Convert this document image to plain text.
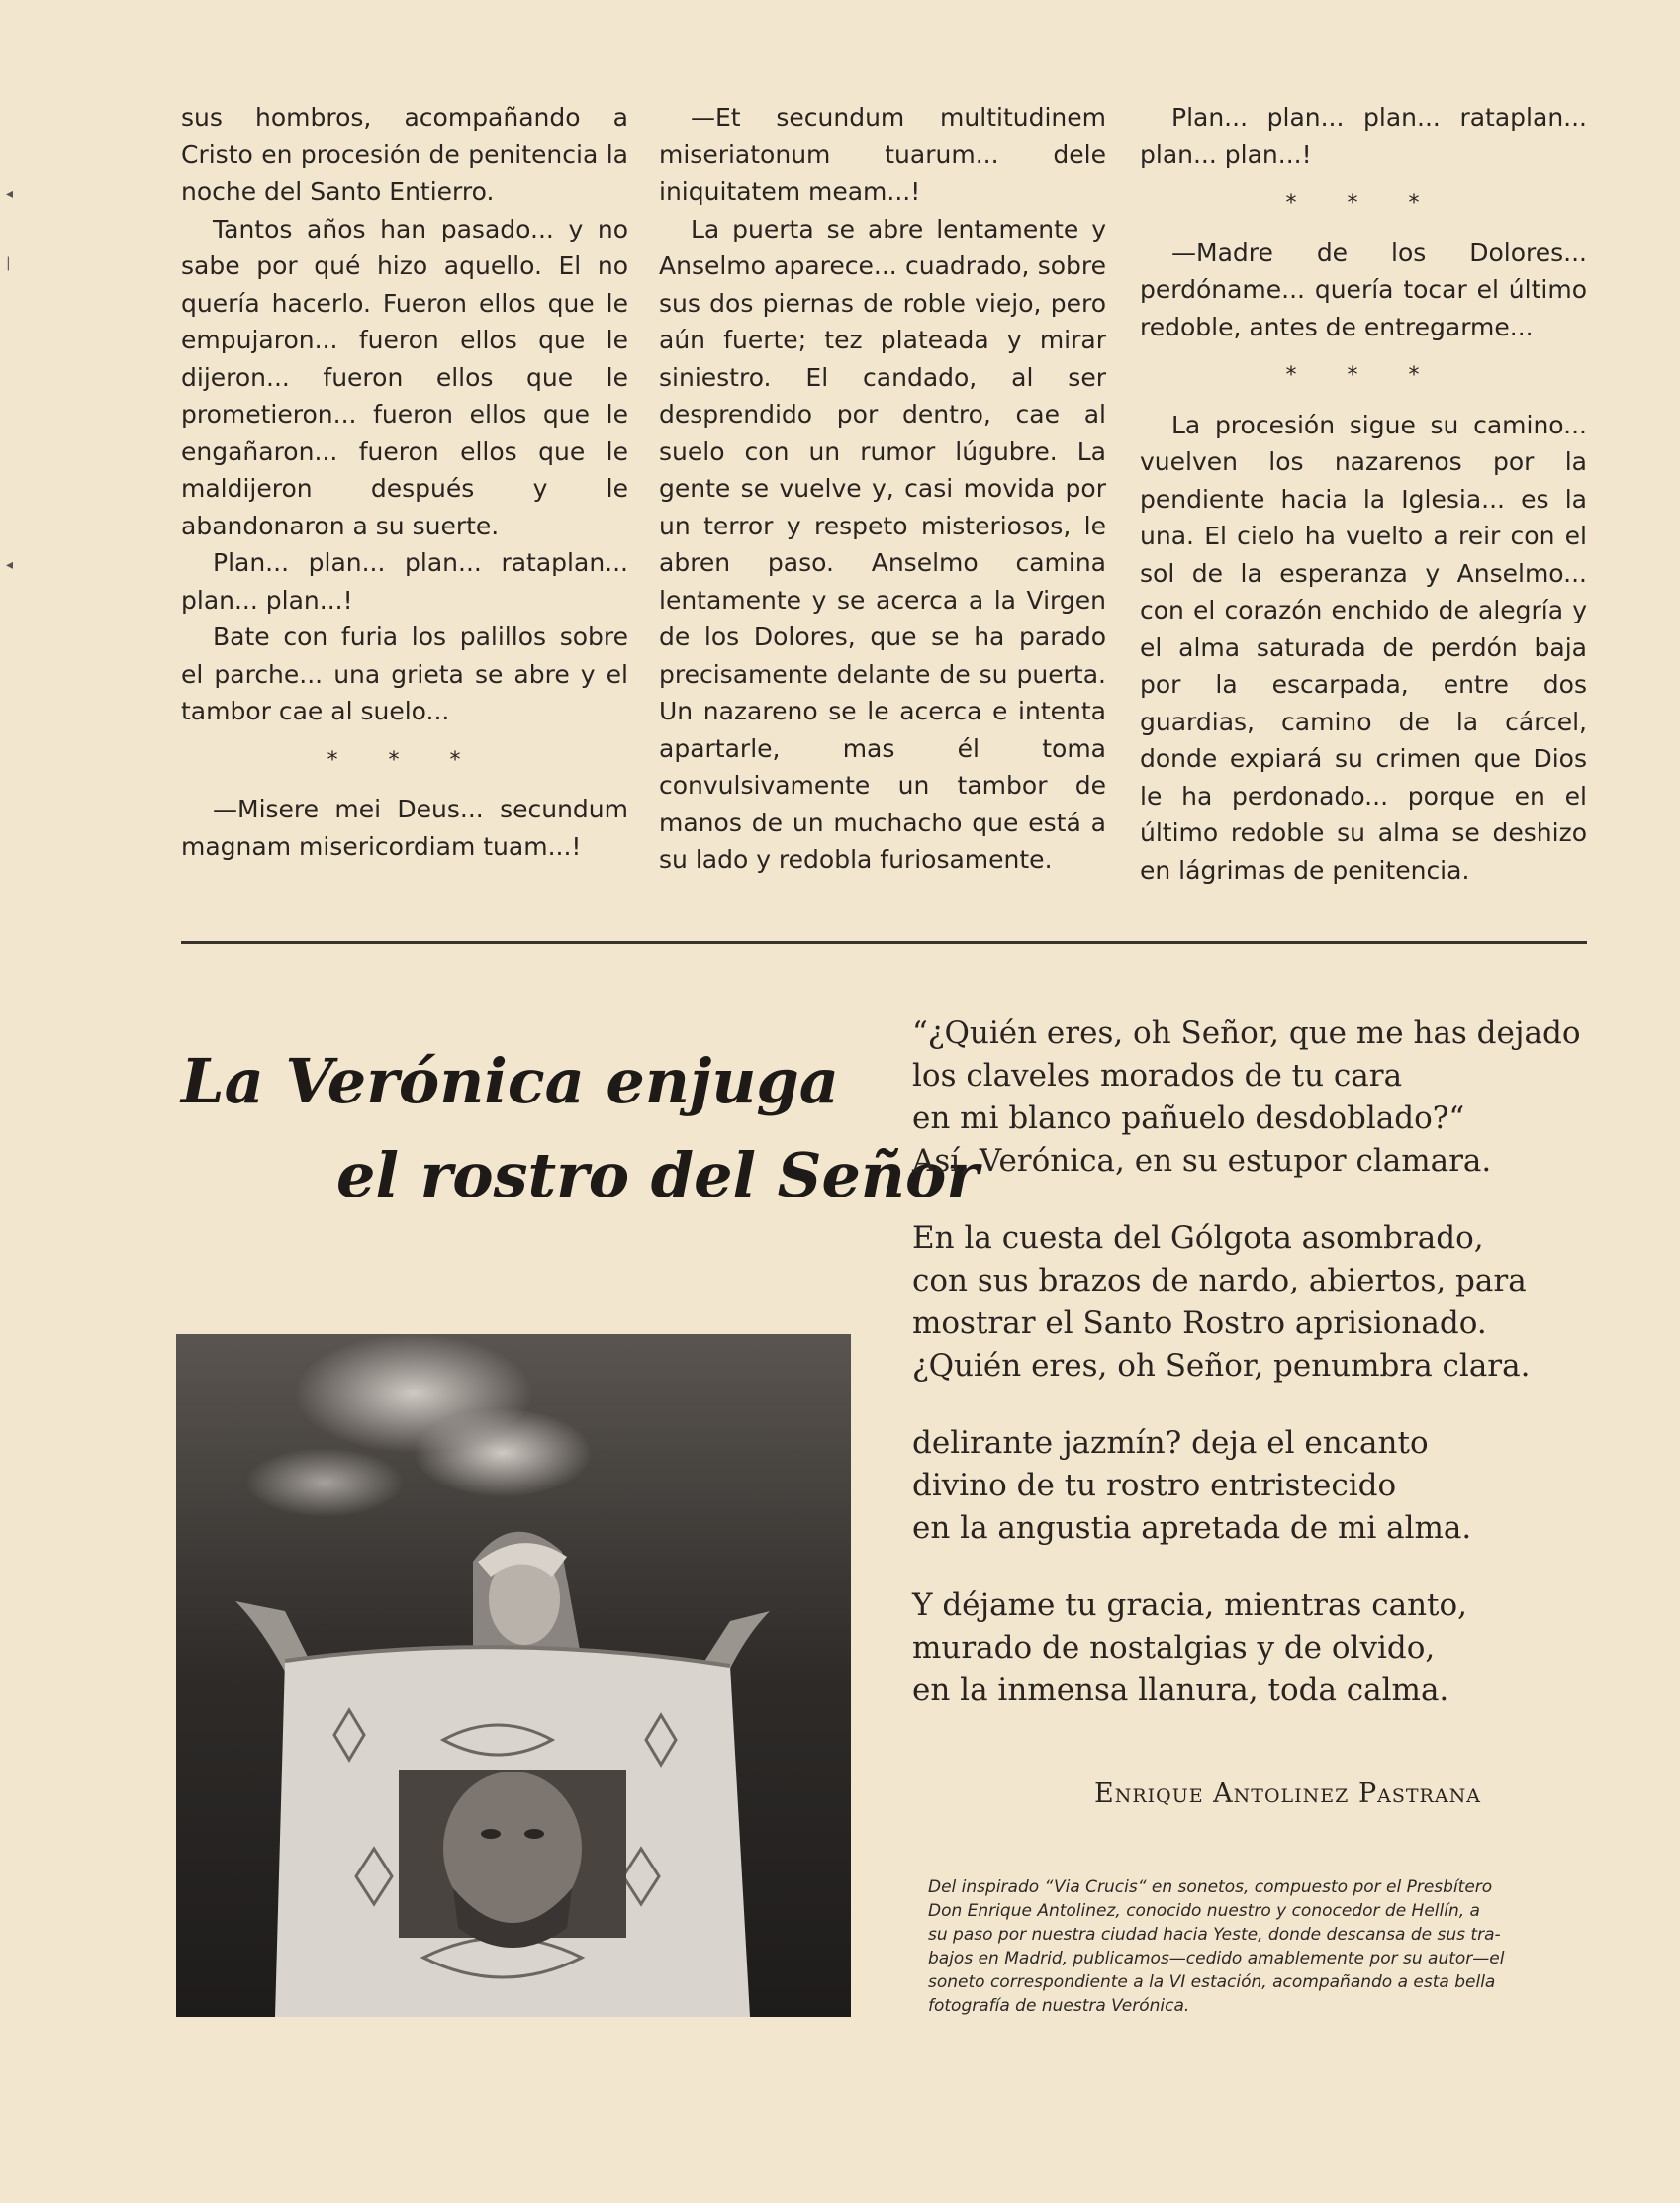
◂
|
◂

sus hombros, acompañando a Cristo en procesión de penitencia la noche del Santo Entierro.

Tantos años han pasado... y no sabe por qué hizo aquello. El no quería hacerlo. Fueron ellos que le empujaron... fueron ellos que le dijeron... fueron ellos que le prometieron... fueron ellos que le engañaron... fueron ellos que le maldijeron después y le abandonaron a su suerte.

Plan... plan... plan... rataplan... plan... plan...!

Bate con furia los palillos sobre el parche... una grieta se abre y el tambor cae al suelo...

* * *

—Misere mei Deus... secundum magnam misericordiam tuam...!

—Et secundum multitudinem miseriatonum tuarum... dele iniquitatem meam...!

La puerta se abre lentamente y Anselmo aparece... cuadrado, sobre sus dos piernas de roble viejo, pero aún fuerte; tez plateada y mirar siniestro. El candado, al ser desprendido por dentro, cae al suelo con un rumor lúgubre. La gente se vuelve y, casi movida por un terror y respeto misteriosos, le abren paso. Anselmo camina lentamente y se acerca a la Virgen de los Dolores, que se ha parado precisamente delante de su puerta. Un nazareno se le acerca e intenta apartarle, mas él toma convulsivamente un tambor de manos de un muchacho que está a su lado y redobla furiosamente.

Plan... plan... plan... rataplan... plan... plan...!

* * *

—Madre de los Dolores... perdóname... quería tocar el último redoble, antes de entregarme...

* * *

La procesión sigue su camino... vuelven los nazarenos por la pendiente hacia la Iglesia... es la una. El cielo ha vuelto a reir con el sol de la esperanza y Anselmo... con el corazón enchido de alegría y el alma saturada de perdón baja por la escarpada, entre dos guardias, camino de la cárcel, donde expiará su crimen que Dios le ha perdonado... porque en el último redoble su alma se deshizo en lágrimas de penitencia.

La Verónica enjuga
el rostro del Señor
“¿Quién eres, oh Señor, que me has dejado
los claveles morados de tu cara
en mi blanco pañuelo desdoblado?“
Así, Verónica, en su estupor clamara.
En la cuesta del Gólgota asombrado,
con sus brazos de nardo, abiertos, para
mostrar el Santo Rostro aprisionado.
¿Quién eres, oh Señor, penumbra clara.
delirante jazmín? deja el encanto
divino de tu rostro entristecido
en la angustia apretada de mi alma.
Y déjame tu gracia, mientras canto,
murado de nostalgias y de olvido,
en la inmensa llanura, toda calma.
Enrique Antolinez Pastrana
Del inspirado “Via Crucis“ en sonetos, compuesto por el Presbítero
Don Enrique Antolinez, conocido nuestro y conocedor de Hellín, a
su paso por nuestra ciudad hacia Yeste, donde descansa de sus tra-
bajos en Madrid, publicamos—cedido amablemente por su autor—el
soneto correspondiente a la VI estación, acompañando a esta bella
fotografía de nuestra Verónica.
